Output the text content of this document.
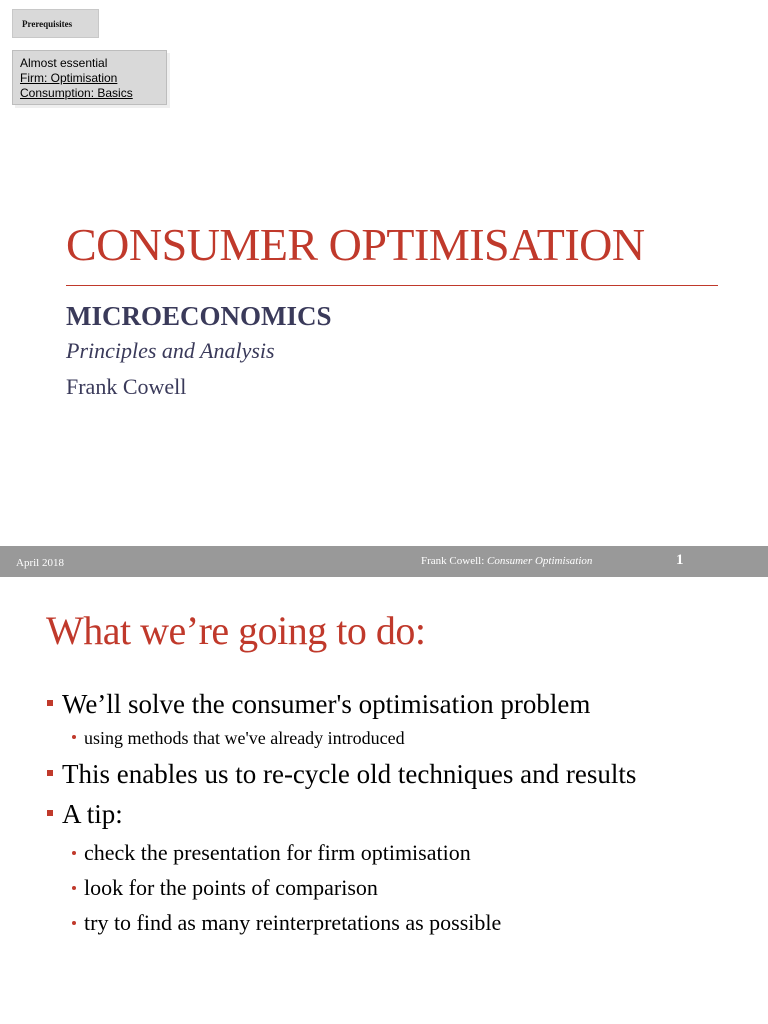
Prerequisites
Almost essential
Firm: Optimisation
Consumption: Basics
CONSUMER OPTIMISATION

MICROECONOMICS

Principles and Analysis

Frank Cowell

April 2018	Frank Cowell: Consumer Optimisation	1
What we’re going to do:
We’ll solve the consumer's optimisation problem
using methods that we've already introduced
This enables us to re-cycle old techniques and results
A tip:
check the presentation for firm optimisation
look for the points of comparison
try to find as many reinterpretations as possible
